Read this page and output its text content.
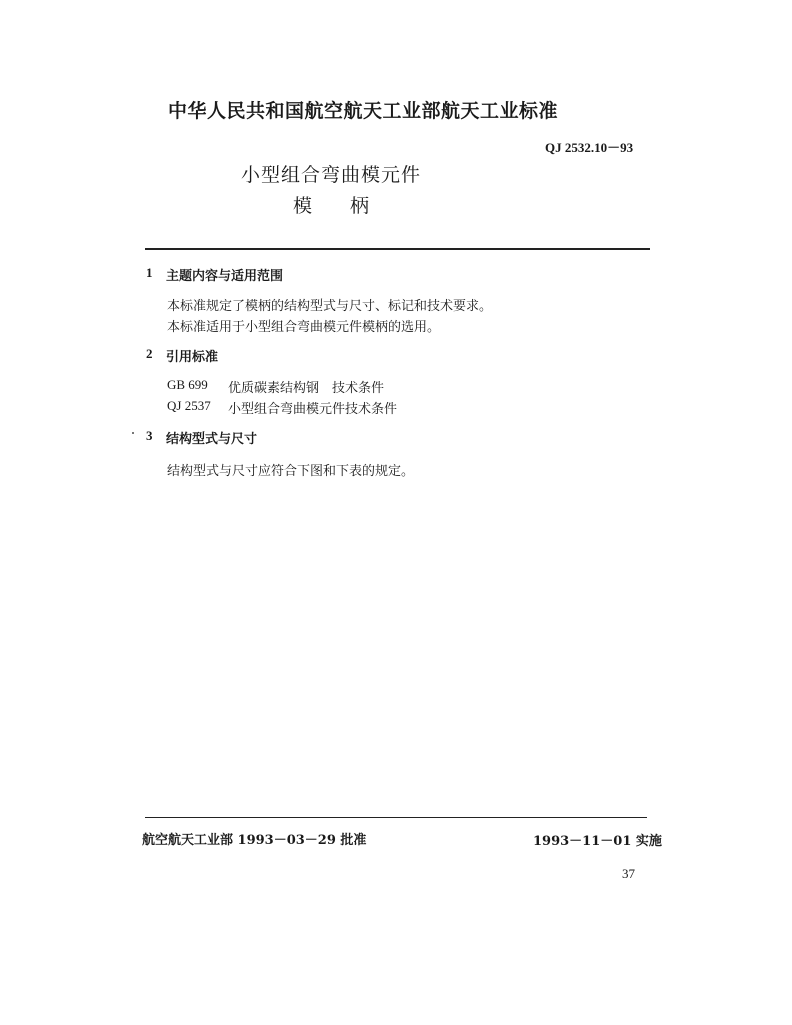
中华人民共和国航空航天工业部航天工业标准
QJ 2532.10－93
小型组合弯曲模元件
模　　柄
1 主题内容与适用范围
本标准规定了模柄的结构型式与尺寸、标记和技术要求。
本标准适用于小型组合弯曲模元件模柄的选用。
2 引用标准
GB 699 优质碳素结构钢　技术条件
QJ 2537 小型组合弯曲模元件技术条件
3 结构型式与尺寸
结构型式与尺寸应符合下图和下表的规定。
航空航天工业部 1993－03－29 批准	1993－11－01 实施
37
